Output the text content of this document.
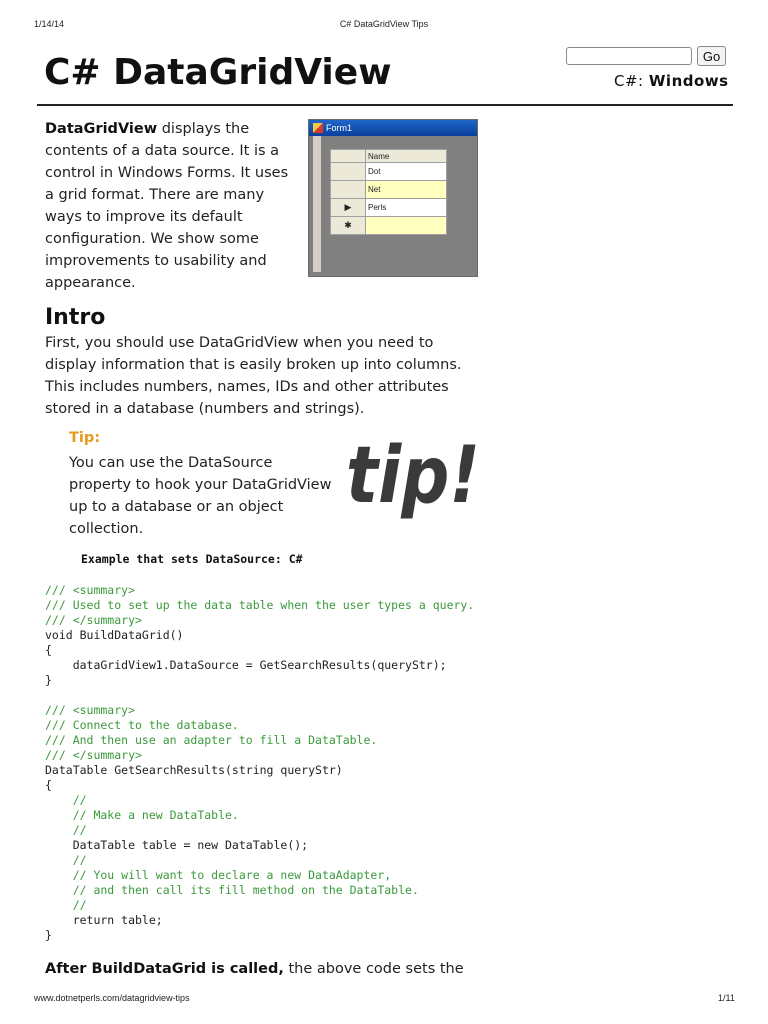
1/14/14	C# DataGridView Tips
Go
C#: Windows
C# DataGridView

DataGridView displays the
contents of a data source. It is a
control in Windows Forms. It uses
a grid format. There are many
ways to improve its default
configuration. We show some
improvements to usability and
appearance.

Form1
	Name
	Dot
	Net
▶	Perls
✱	
Intro

First, you should use DataGridView when you need to
display information that is easily broken up into columns.
This includes numbers, names, IDs and other attributes
stored in a database (numbers and strings).

Tip:

You can use the DataSource
property to hook your DataGridView
up to a database or an object
collection.

tip!
Example that sets DataSource: C#
/// <summary>
/// Used to set up the data table when the user types a query.
/// </summary>
void BuildDataGrid()
{
dataGridView1.DataSource = GetSearchResults(queryStr);
}

/// <summary>
/// Connect to the database.
/// And then use an adapter to fill a DataTable.
/// </summary>
DataTable GetSearchResults(string queryStr)
{
//
// Make a new DataTable.
//
DataTable table = new DataTable();
//
// You will want to declare a new DataAdapter,
// and then call its fill method on the DataTable.
//
return table;
}

After BuildDataGrid is called, the above code sets the

www.dotnetperls.com/datagridview-tips	1/11
